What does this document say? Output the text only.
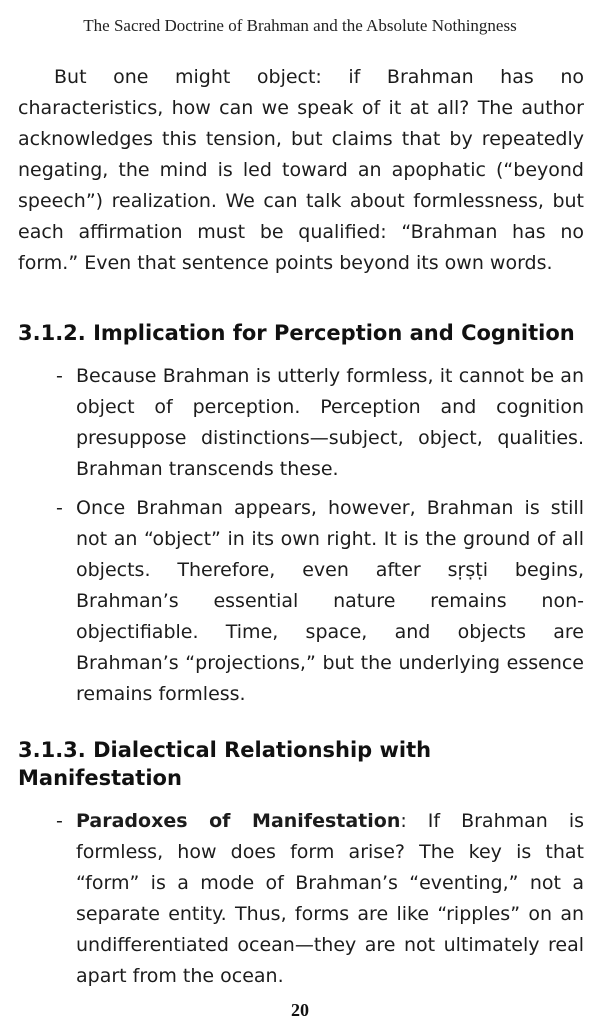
The Sacred Doctrine of Brahman and the Absolute Nothingness

But one might object: if Brahman has no characteristics, how can we speak of it at all? The author acknowledges this tension, but claims that by repeatedly negating, the mind is led toward an apophatic (“beyond speech”) realization. We can talk about formlessness, but each affirmation must be qualified: “Brahman has no form.” Even that sentence points beyond its own words.

3.1.2. Implication for Perception and Cognition
- Because Brahman is utterly formless, it cannot be an object of perception. Perception and cognition presuppose distinctions—subject, object, qualities. Brahman transcends these.
- Once Brahman appears, however, Brahman is still not an “object” in its own right. It is the ground of all objects. Therefore, even after sṛṣṭi begins, Brahman’s essential nature remains non- objectifiable. Time, space, and objects are Brahman’s “projections,” but the underlying essence remains formless.
3.1.3. Dialectical Relationship with Manifestation
- Paradoxes of Manifestation: If Brahman is formless, how does form arise? The key is that “form” is a mode of Brahman’s “eventing,” not a separate entity. Thus, forms are like “ripples” on an undifferentiated ocean—they are not ultimately real apart from the ocean.
20
